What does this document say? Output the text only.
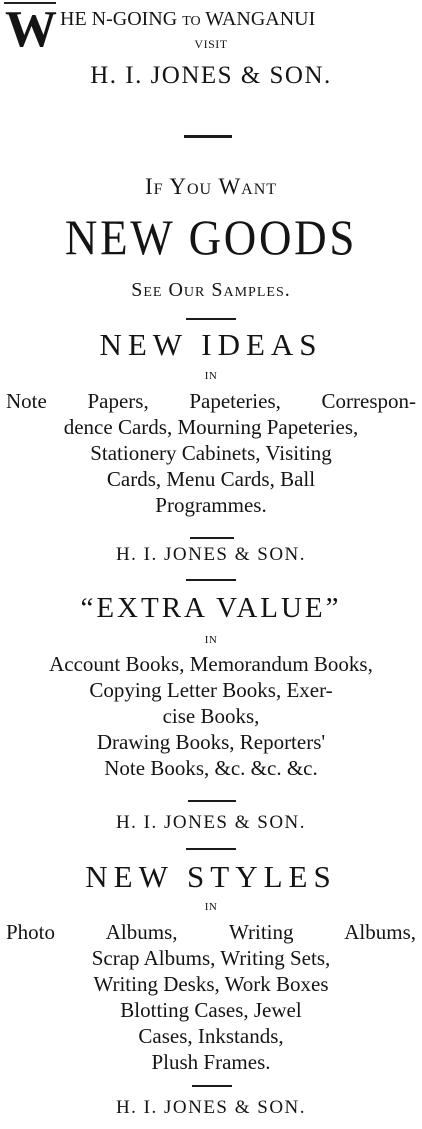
W HE N-GOING TO WANGANUI
VISIT
H. I. JONES & SON.
If You Want
NEW GOODS
See Our Samples.
NEW IDEAS
IN
Note Papers, Papeteries, Correspon-
dence Cards, Mourning Papeteries,
Stationery Cabinets, Visiting
Cards, Menu Cards, Ball
Programmes.
H. I. JONES & SON.
“EXTRA VALUE”
IN
Account Books, Memorandum Books,
Copying Letter Books, Exer-
cise Books,
Drawing Books, Reporters'
Note Books, &c. &c. &c.
H. I. JONES & SON.
NEW STYLES
IN
Photo Albums, Writing Albums,
Scrap Albums, Writing Sets,
Writing Desks, Work Boxes
Blotting Cases, Jewel
Cases, Inkstands,
Plush Frames.
H. I. JONES & SON.
